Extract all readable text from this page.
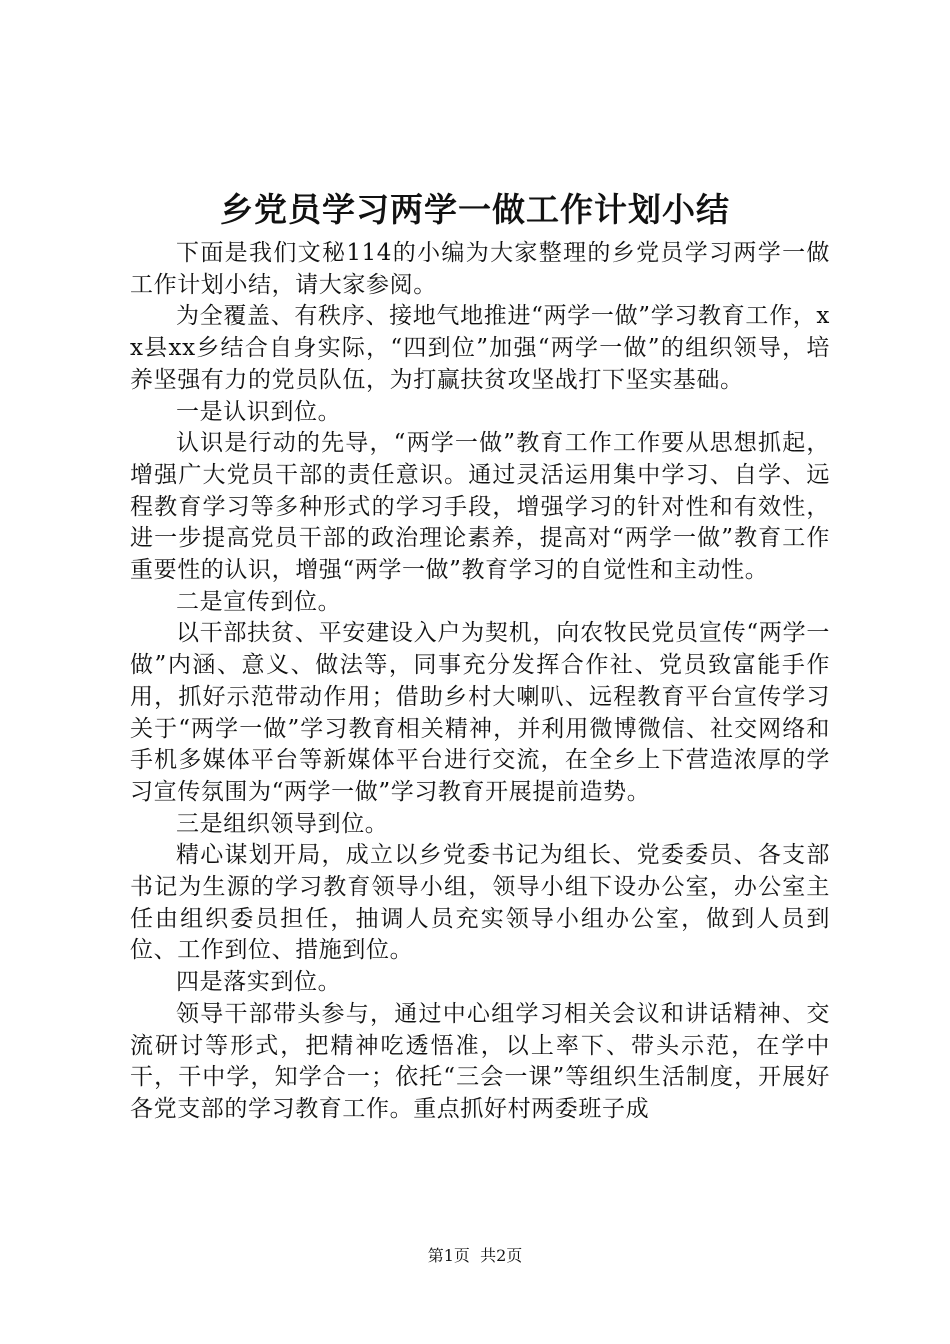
乡党员学习两学一做工作计划小结

下面是我们文秘114的小编为大家整理的乡党员学习两学一做工作计划小结，请大家参阅。

为全覆盖、有秩序、接地气地推进“两学一做”学习教育工作，xx县xx乡结合自身实际，“四到位”加强“两学一做”的组织领导，培养坚强有力的党员队伍，为打赢扶贫攻坚战打下坚实基础。

一是认识到位。

认识是行动的先导，“两学一做”教育工作工作要从思想抓起，增强广大党员干部的责任意识。通过灵活运用集中学习、自学、远程教育学习等多种形式的学习手段，增强学习的针对性和有效性，进一步提高党员干部的政治理论素养，提高对“两学一做”教育工作重要性的认识，增强“两学一做”教育学习的自觉性和主动性。

二是宣传到位。

以干部扶贫、平安建设入户为契机，向农牧民党员宣传“两学一做”内涵、意义、做法等，同事充分发挥合作社、党员致富能手作用，抓好示范带动作用；借助乡村大喇叭、远程教育平台宣传学习关于“两学一做”学习教育相关精神，并利用微博微信、社交网络和手机多媒体平台等新媒体平台进行交流，在全乡上下营造浓厚的学习宣传氛围为“两学一做”学习教育开展提前造势。

三是组织领导到位。

精心谋划开局，成立以乡党委书记为组长、党委委员、各支部书记为生源的学习教育领导小组，领导小组下设办公室，办公室主任由组织委员担任，抽调人员充实领导小组办公室，做到人员到位、工作到位、措施到位。

四是落实到位。

领导干部带头参与，通过中心组学习相关会议和讲话精神、交流研讨等形式，把精神吃透悟准，以上率下、带头示范，在学中干，干中学，知学合一；依托“三会一课”等组织生活制度，开展好各党支部的学习教育工作。重点抓好村两委班子成

第1页  共2页
